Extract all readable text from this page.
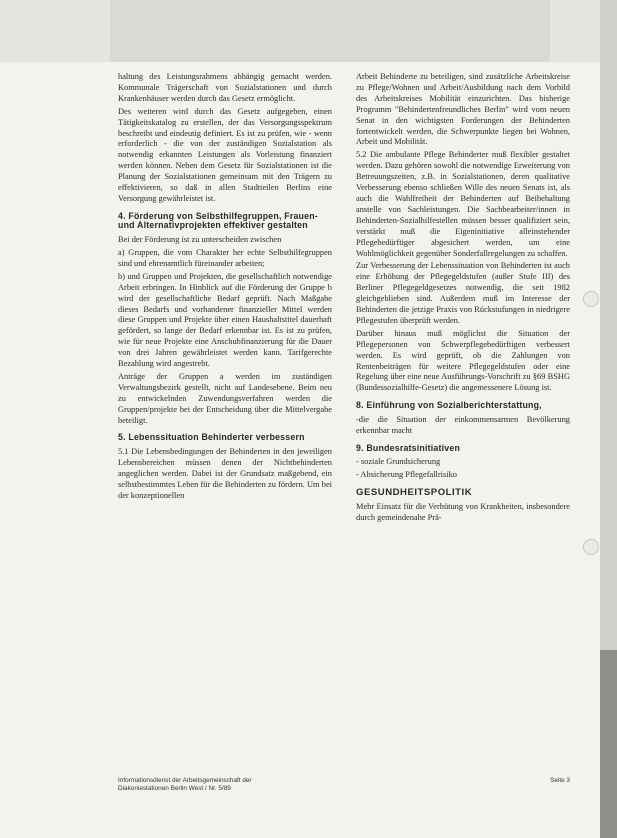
haltung des Leistungsrahmens abhängig gemacht werden. Kommunale Trägerschaft von Sozialstationen und durch Krankenhäuser werden durch das Gesetz ermöglicht.

Des weiteren wird durch das Gesetz aufgegeben, einen Tätigkeitskatalog zu erstellen, der das Versorgungsspektrum beschreibt und eindeutig definiert. Es ist zu prüfen, wie - wenn erforderlich - die von der zuständigen Sozialstation als notwendig erkannten Leistungen als Vorleistung finanziert werden können. Neben dem Gesetz für Sozialstationen ist die Planung der Sozialstationen gemeinsam mit den Trägern zu effektivieren, so daß in allen Stadtteilen Berlins eine Versorgung gewährleistet ist.

4. Förderung von Selbsthilfegruppen, Frauen- und Alternativprojekten effektiver gestalten

Bei der Förderung ist zu unterscheiden zwischen

a) Gruppen, die vom Charakter her echte Selbsthilfegruppen sind und ehrenamtlich füreinander arbeiten;

b) und Gruppen und Projekten, die gesellschaftlich notwendige Arbeit erbringen. In Hinblick auf die Förderung der Gruppe b wird der gesellschaftliche Bedarf geprüft. Nach Maßgabe dieses Bedarfs und vorhandener finanzieller Mittel werden diese Gruppen und Projekte über einen Haushaltstitel dauerhaft gefördert, so lange der Bedarf erkennbar ist. Es ist zu prüfen, wie für neue Projekte eine Anschubfinanzierung für die Dauer von drei Jahren gewährleistet werden kann. Tarifgerechte Bezahlung wird angestrebt.

Anträge der Gruppen a werden im zuständigen Verwaltungsbezirk gestellt, nicht auf Landesebene. Beim neu zu entwickelnden Zuwendungsverfahren werden die Gruppen/projekte bei der Entscheidung über die Mittelvergabe beteiligt.

5. Lebenssituation Behinderter verbessern

5.1 Die Lebensbedingungen der Behinderten in den jeweiligen Lebensbereichen müssen denen der Nichtbehinderten angeglichen werden. Dabei ist der Grundsatz maßgebend, ein selbstbestimmtes Leben für die Behinderten zu fördern. Um bei der konzeptionellen

Arbeit Behinderte zu beteiligen, sind zusätzliche Arbeitskreise zu Pflege/Wohnen und Arbeit/Ausbildung nach dem Vorbild des Arbeitskreises Mobilität einzurichten. Das bisherige Programm "Behindertenfreundliches Berlin" wird vom neuen Senat in den wichtigsten Forderungen der Behinderten fortentwickelt werden, die Schwerpunkte liegen bei Wohnen, Arbeit und Mobilität.

5.2 Die ambulante Pflege Behinderter muß flexibler gestaltet werden. Dazu gehören sowohl die notwendige Erweiterung von Betreuungszeiten, z.B. in Sozialstationen, deren qualitative Verbesserung ebenso schließen Wille des neuen Senats ist, als auch die Wahlfreiheit der Behinderten auf Beibehaltung anstelle von Sachleistungen. Die Sachbearbeiter/innen in Behinderten-Sozialhilfestellen müssen besser qualifiziert sein, verstärkt muß die Eigeninitiative alleinstehender Pflegebedürftiger abgesichert werden, um eine Wohlmöglichkeit gegenüber Sonderfallregelungen zu schaffen.

Zur Verbesserung der Lebenssituation von Behinderten ist auch eine Erhöhung der Pflegegeldstufen (außer Stufe III) des Berliner Pflegegeldgesetzes notwendig, die seit 1982 gleichgeblieben sind. Außerdem muß im Interesse der Behinderten die jetzige Praxis von Rückstufungen in niedrigere Pflegestufen überprüft werden.

Darüber hinaus muß möglichst die Situation der Pflegepersonen von Schwerpflegebedürftigen verbessert werden. Es wird geprüft, ob die Zahlungen von Rentenbeiträgen für weitere Pflegegeldstufen oder eine Regelung über eine neue Ausführungs-Vorschrift zu §69 BSHG (Bundessozialhilfe-Gesetz) die angemessenere Lösung ist.

8. Einführung von Sozialberichterstattung,

-die die Situation der einkommensarmen Bevölkerung erkennbar macht

9. Bundesratsinitiativen

- soziale Grundsicherung

- Absicherung Pflegefallrisiko

GESUNDHEITSPOLITIK

Mehr Einsatz für die Verhütung von Krankheiten, insbesondere durch gemeindenahe Prä-

Informationsdienst der Arbeitsgemeinschaft der
Diakoniestationen Berlin West / Nr. 5/89
Seite 3
